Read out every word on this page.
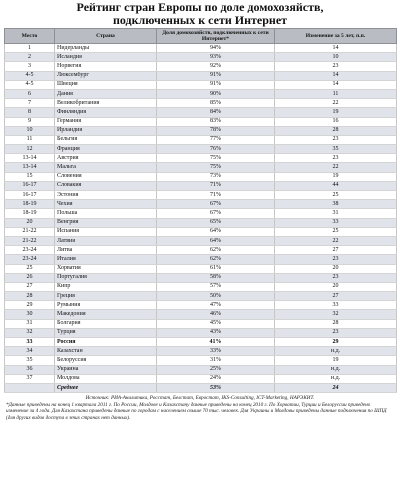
Рейтинг стран Европы по доле домохозяйств,
подключенных к сети Интернет
Место	Страна	Доля домохозяйств, подключенных к сети Интернет*	Изменение за 5 лет, п.п.
1	Нидерланды	94%	14
2	Исландия	93%	10
3	Норвегия	92%	23
4-5	Люксембург	91%	14
4-5	Швеция	91%	14
6	Дания	90%	11
7	Великобритания	85%	22
8	Финляндия	84%	19
9	Германия	83%	16
10	Ирландия	78%	28
11	Бельгия	77%	23
12	Франция	76%	35
13-14	Австрия	75%	23
13-14	Мальта	75%	22
15	Словения	73%	19
16-17	Словакия	71%	44
16-17	Эстония	71%	25
18-19	Чехия	67%	38
18-19	Польша	67%	31
20	Венгрия	65%	33
21-22	Испания	64%	25
21-22	Латвия	64%	22
23-24	Литва	62%	27
23-24	Италия	62%	23
25	Хорватия	61%	20
26	Португалия	58%	23
27	Кипр	57%	20
28	Греция	50%	27
29	Румыния	47%	33
30	Македония	46%	32
31	Болгария	45%	28
32	Турция	43%	23
33	Россия	41%	29
34	Казахстан	33%	н.д.
35	Белоруссия	31%	19
36	Украина	25%	н.д.
37	Молдова	24%	н.д.
	Среднее	53%	24
Источник: РИА-Аналитика, Росстат, Белстат, Евростат, IKS-Consulting, ICT-Marketing, НАРЭКИТ.
*Данные приведены на конец 1 квартала 2011 г. По России, Молдове и Казахстану данные приведены на конец 2010 г. По Хорватии, Турции и Белоруссии приведено изменение за 4 года. Для Казахстана приведены данные по городам с населением свыше 70 тыс. человек. Для Украины и Молдовы приведены данные подключения по ШПД (для других видов доступа в этих странах нет данных).
